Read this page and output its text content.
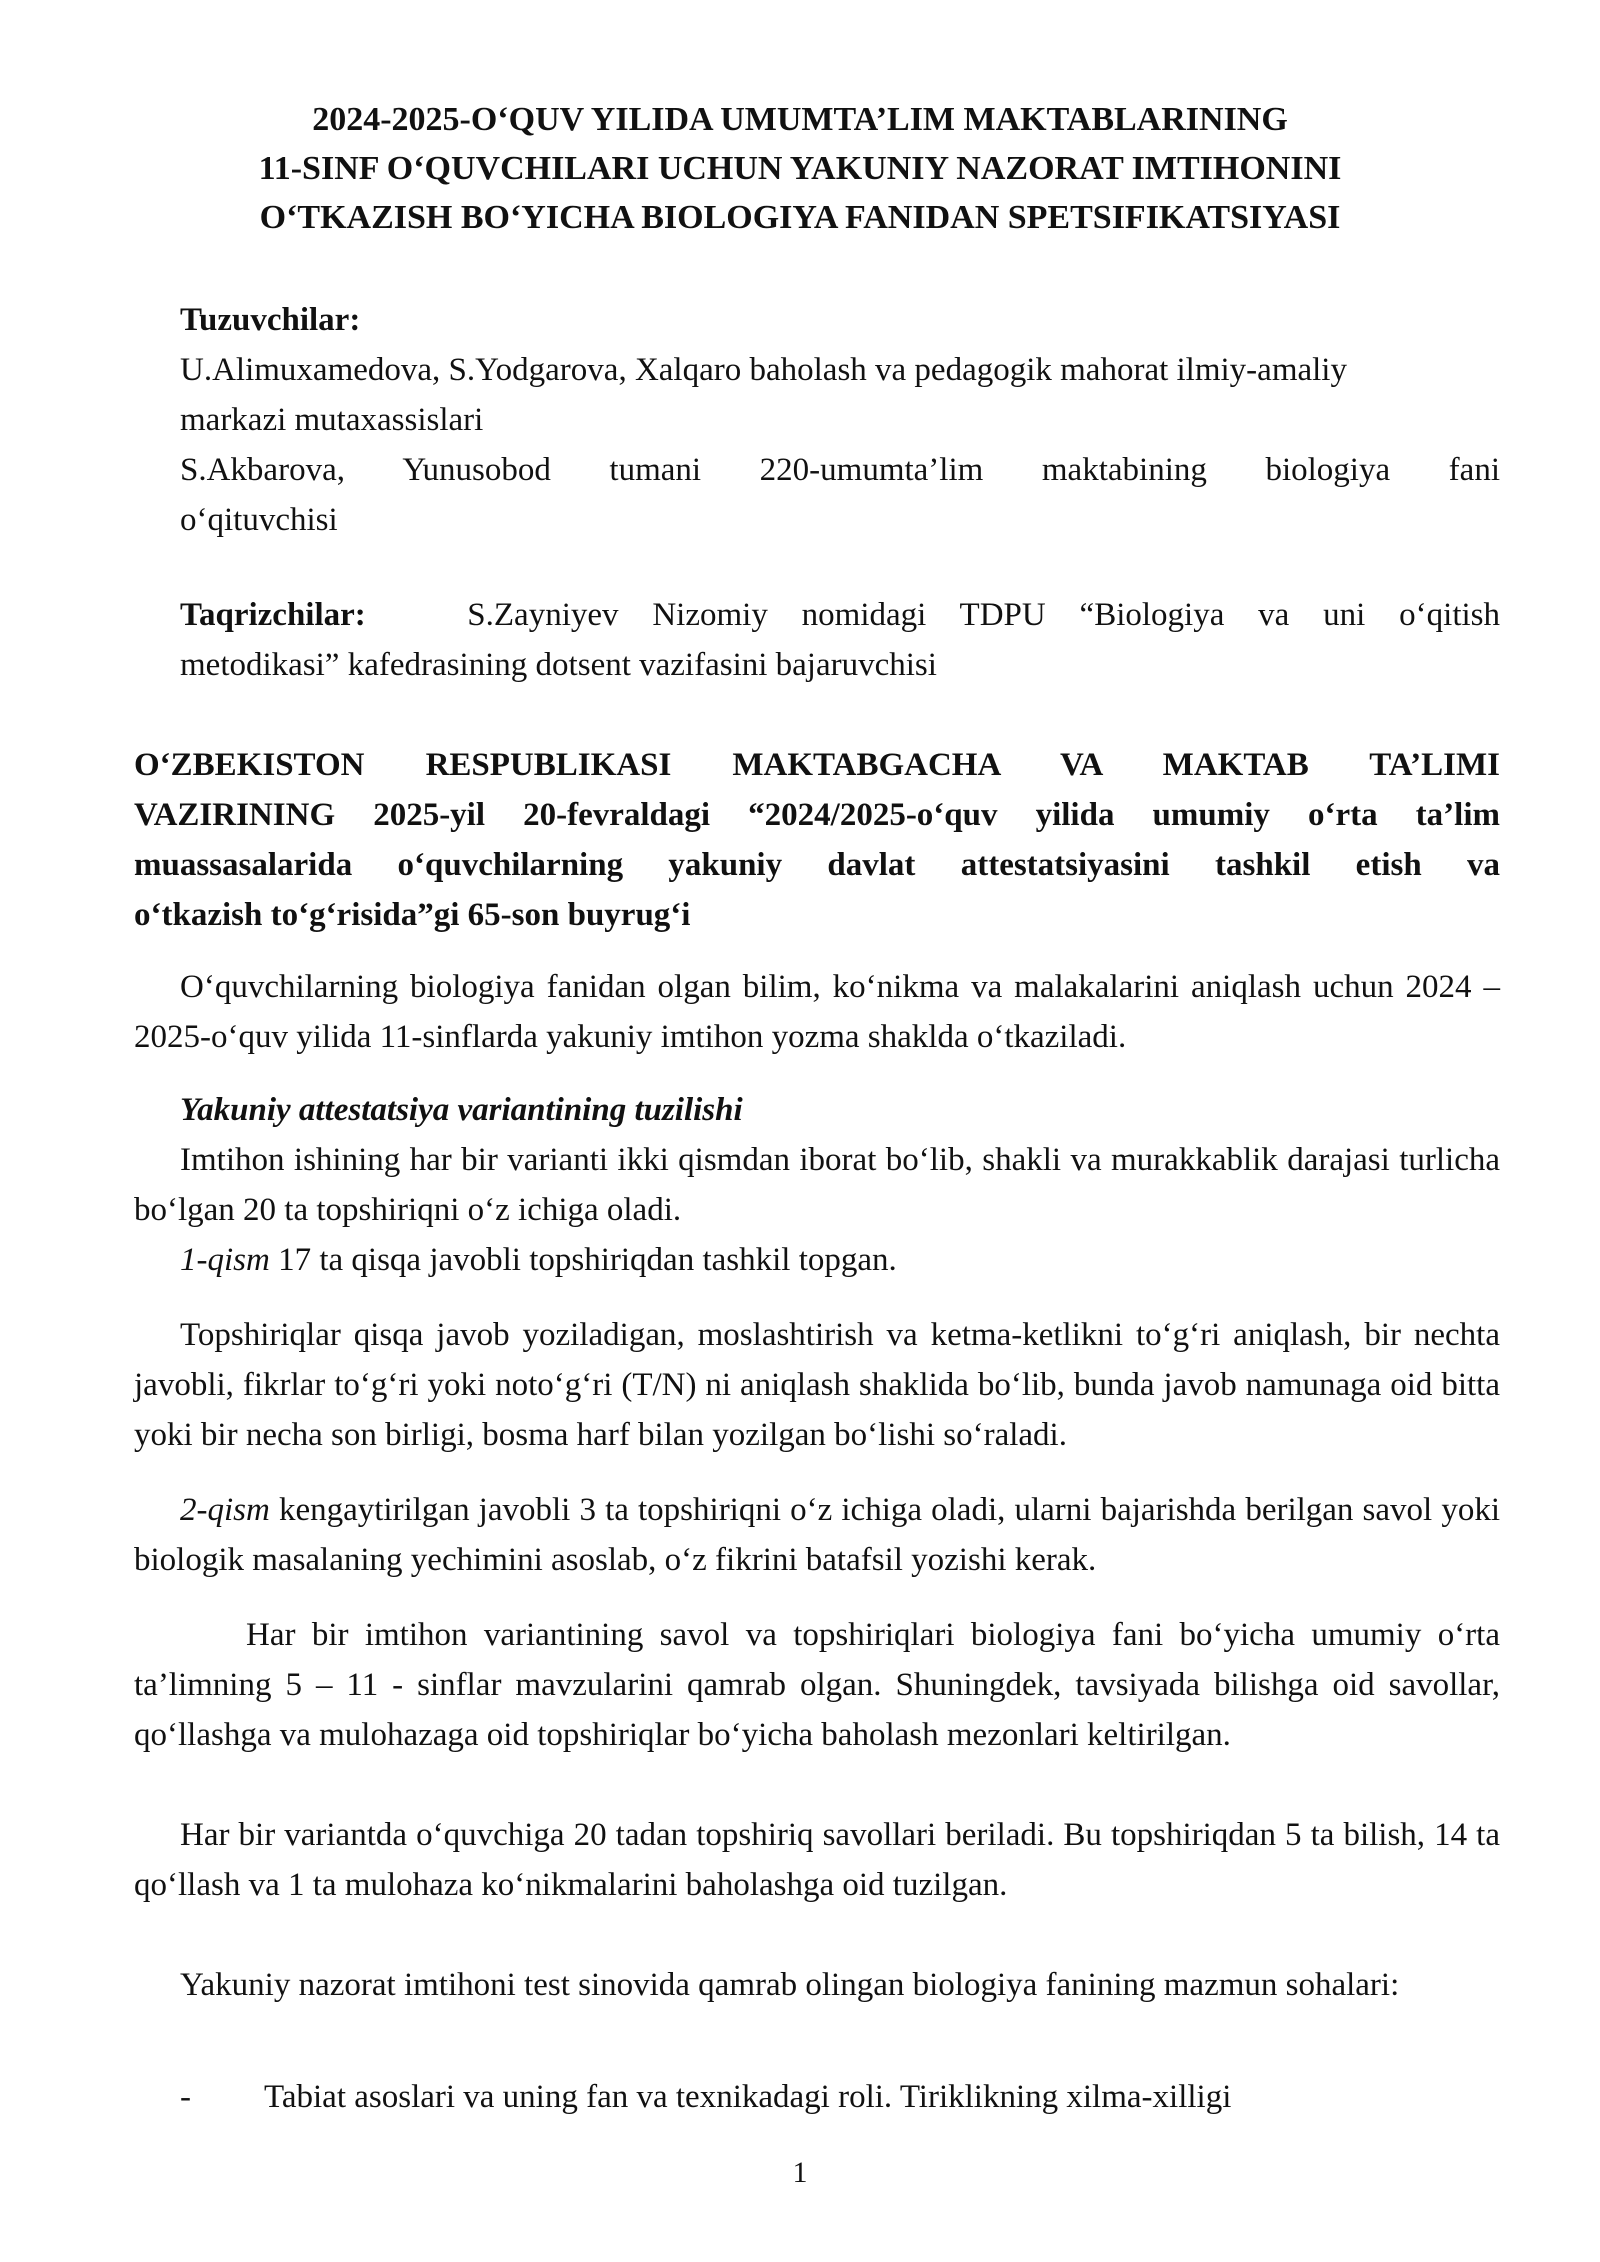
2024-2025-O‘QUV YILIDA UMUMTA’LIM MAKTABLARINING
11-SINF O‘QUVCHILARI UCHUN YAKUNIY NAZORAT IMTIHONINI
O‘TKAZISH BO‘YICHA BIOLOGIYA FANIDAN SPETSIFIKATSIYASI
Tuzuvchilar:
U.Alimuxamedova, S.Yodgarova, Xalqaro baholash va pedagogik mahorat ilmiy-amaliy
markazi mutaxassislari
S.Akbarova, Yunusobod tumani 220-umumta’lim maktabining biologiya fani
o‘qituvchisi
Taqrizchilar:	S.Zayniyev Nizomiy nomidagi TDPU “Biologiya va uni o‘qitish
metodikasi” kafedrasining dotsent vazifasini bajaruvchisi
O‘ZBEKISTON RESPUBLIKASI MAKTABGACHA VA MAKTAB TA’LIMI
VAZIRINING 2025-yil 20-fevraldagi “2024/2025-o‘quv yilida umumiy o‘rta ta’lim
muassasalarida o‘quvchilarning yakuniy davlat attestatsiyasini tashkil etish va
o‘tkazish to‘g‘risida”gi 65-son buyrug‘i

O‘quvchilarning biologiya fanidan olgan bilim, ko‘nikma va malakalarini aniqlash uchun 2024 – 2025-o‘quv yilida 11-sinflarda yakuniy imtihon yozma shaklda o‘tkaziladi.

Yakuniy attestatsiya variantining tuzilishi
Imtihon ishining har bir varianti ikki qismdan iborat bo‘lib, shakli va murakkablik darajasi turlicha bo‘lgan 20 ta topshiriqni o‘z ichiga oladi.
1-qism 17 ta qisqa javobli topshiriqdan tashkil topgan.

Topshiriqlar qisqa javob yoziladigan, moslashtirish va ketma-ketlikni to‘g‘ri aniqlash, bir nechta javobli, fikrlar to‘g‘ri yoki noto‘g‘ri (T/N) ni aniqlash shaklida bo‘lib, bunda javob namunaga oid bitta yoki bir necha son birligi, bosma harf bilan yozilgan bo‘lishi so‘raladi.

2-qism kengaytirilgan javobli 3 ta topshiriqni o‘z ichiga oladi, ularni bajarishda berilgan savol yoki biologik masalaning yechimini asoslab, o‘z fikrini batafsil yozishi kerak.

Har bir imtihon variantining savol va topshiriqlari biologiya fani bo‘yicha umumiy o‘rta ta’limning 5 – 11 - sinflar mavzularini qamrab olgan. Shuningdek, tavsiyada bilishga oid savollar, qo‘llashga va mulohazaga oid topshiriqlar bo‘yicha baholash mezonlari keltirilgan.

Har bir variantda o‘quvchiga 20 tadan topshiriq savollari beriladi. Bu topshiriqdan 5 ta bilish, 14 ta qo‘llash va 1 ta mulohaza ko‘nikmalarini baholashga oid tuzilgan.

Yakuniy nazorat imtihoni test sinovida qamrab olingan biologiya fanining mazmun sohalari:

- Tabiat asoslari va uning fan va texnikadagi roli. Tiriklikning xilma-xilligi
1
